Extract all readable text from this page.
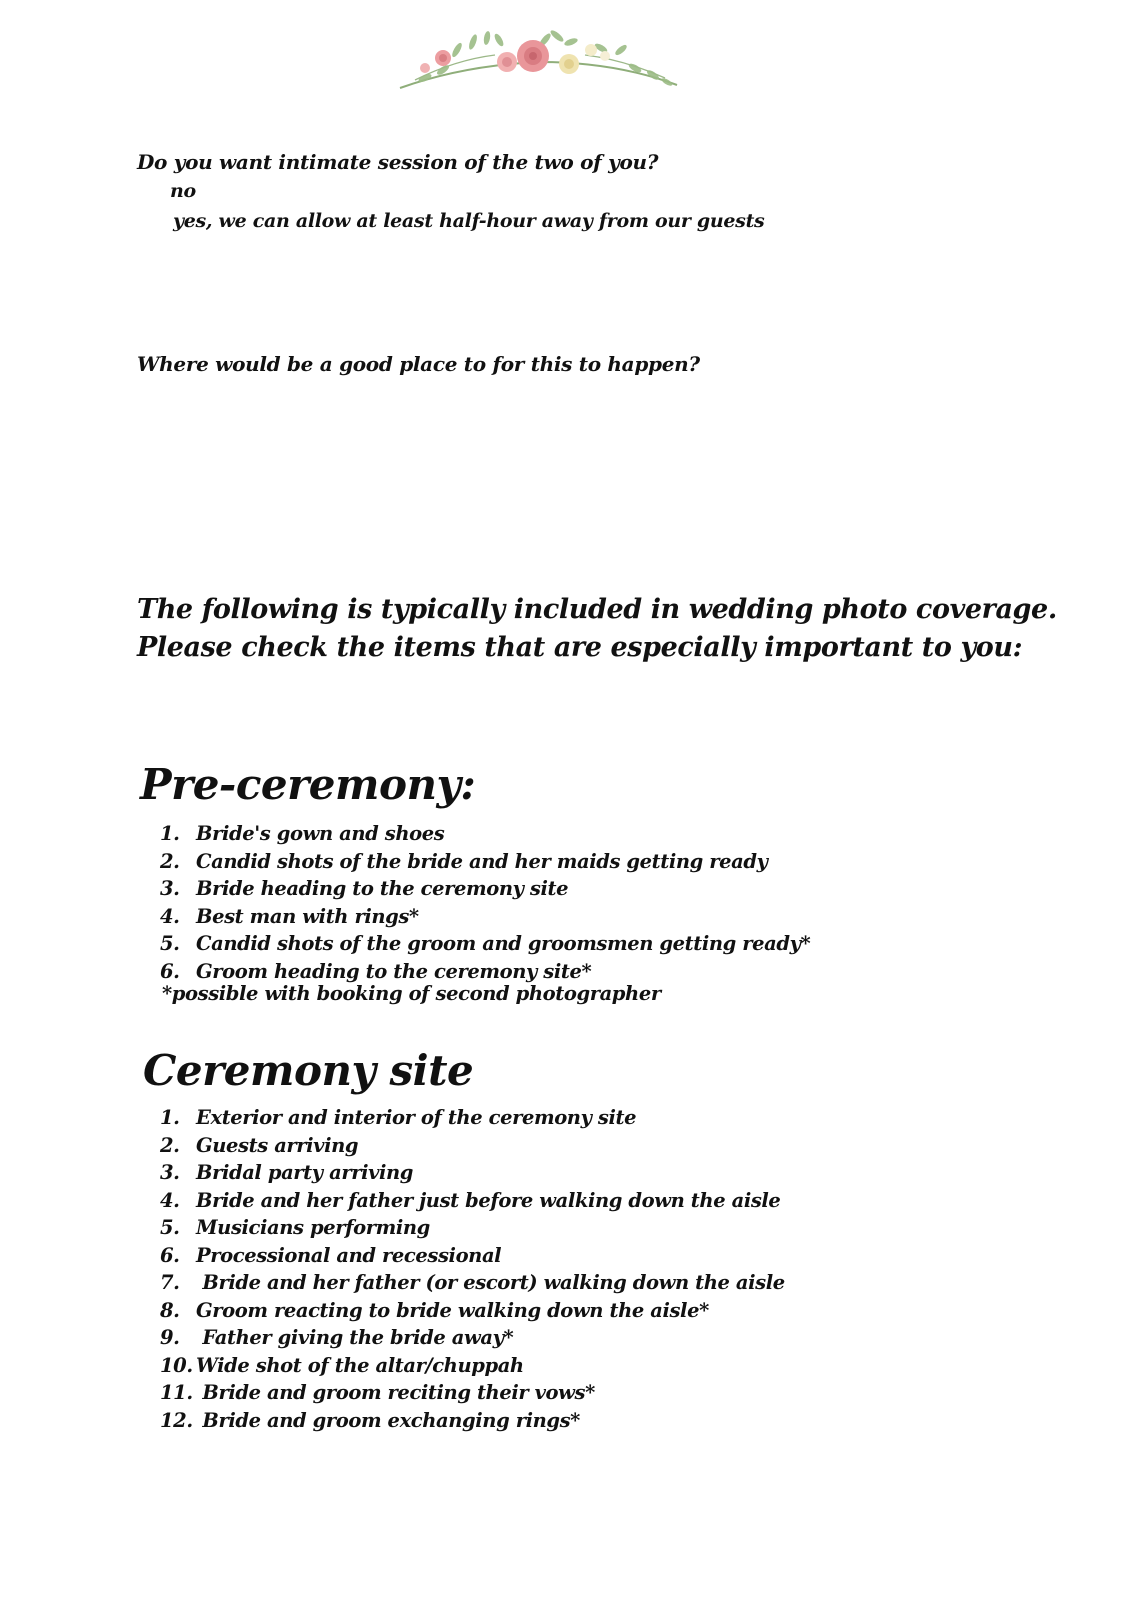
Do you want intimate session of the two of you?
no
yes, we can allow at least half-hour away from our guests
Where would be a good place to for this to happen?
The following is typically included in wedding photo coverage.
Please check the items that are especially important to you:
Pre-ceremony:
1. Bride's gown and shoes
2. Candid shots of the bride and her maids getting ready
3. Bride heading to the ceremony site
4. Best man with rings*
5. Candid shots of the groom and groomsmen getting ready*
6. Groom heading to the ceremony site*
*possible with booking of second photographer
Ceremony site
1. Exterior and interior of the ceremony site
2. Guests arriving
3. Bridal party arriving
4. Bride and her father just before walking down the aisle
5. Musicians performing
6. Processional and recessional
7. Bride and her father (or escort) walking down the aisle
8. Groom reacting to bride walking down the aisle*
9. Father giving the bride away*
10. Wide shot of the altar/chuppah
11. Bride and groom reciting their vows*
12. Bride and groom exchanging rings*
